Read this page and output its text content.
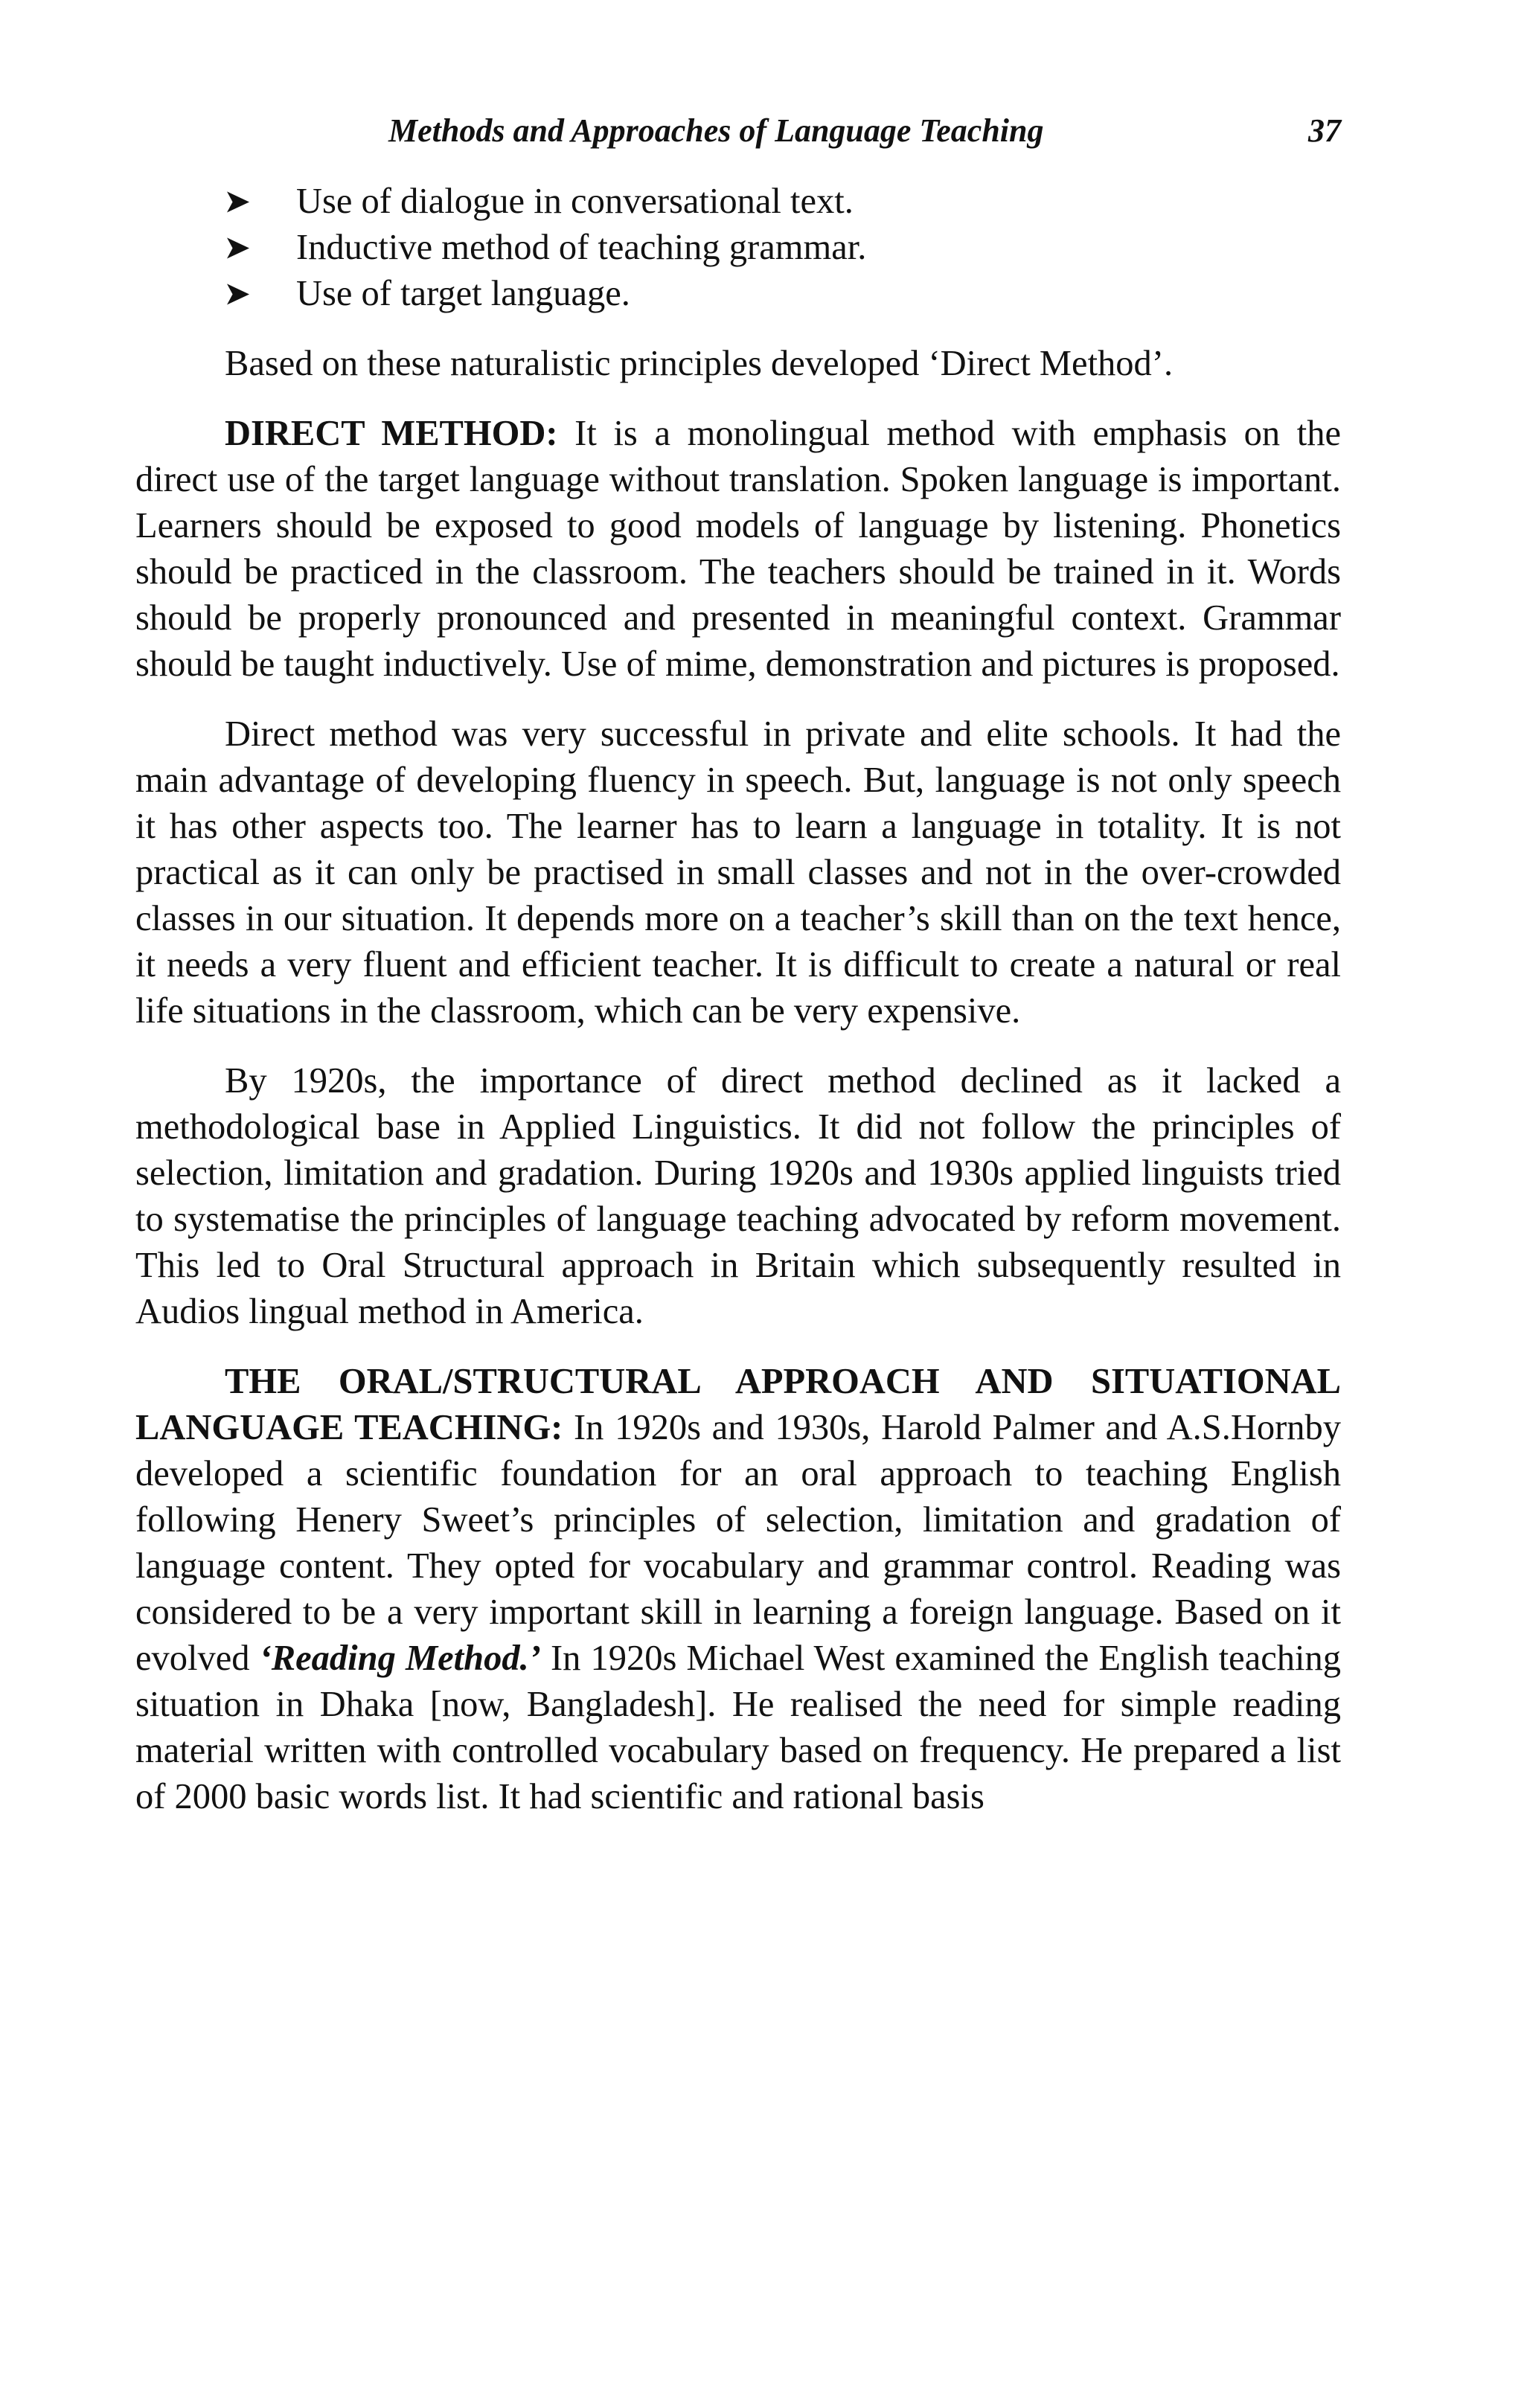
Methods and Approaches of Language Teaching	37
➤ Use of dialogue in conversational text.
➤ Inductive method of teaching grammar.
➤ Use of target language.

Based on these naturalistic principles developed ‘Direct Method’.

DIRECT METHOD: It is a monolingual method with emphasis on the direct use of the target language without translation. Spoken language is important. Learners should be exposed to good models of language by listening. Phonetics should be practiced in the classroom. The teachers should be trained in it. Words should be properly pronounced and presented in meaningful context. Grammar should be taught inductively. Use of mime, demonstration and pictures is proposed.

Direct method was very successful in private and elite schools. It had the main advantage of developing fluency in speech. But, language is not only speech it has other aspects too. The learner has to learn a language in totality. It is not practical as it can only be practised in small classes and not in the over-crowded classes in our situation. It depends more on a teacher’s skill than on the text hence, it needs a very fluent and efficient teacher. It is difficult to create a natural or real life situations in the classroom, which can be very expensive.

By 1920s, the importance of direct method declined as it lacked a methodological base in Applied Linguistics. It did not follow the principles of selection, limitation and gradation. During 1920s and 1930s applied linguists tried to systematise the principles of language teaching advocated by reform movement. This led to Oral Structural approach in Britain which subsequently resulted in Audios lingual method in America.

THE ORAL/STRUCTURAL APPROACH AND SITUATIONAL LANGUAGE TEACHING: In 1920s and 1930s, Harold Palmer and A.S.Hornby developed a scientific foundation for an oral approach to teaching English following Henery Sweet’s principles of selection, limitation and gradation of language content. They opted for vocabulary and grammar control. Reading was considered to be a very important skill in learning a foreign language. Based on it evolved ‘Reading Method.’ In 1920s Michael West examined the English teaching situation in Dhaka [now, Bangladesh]. He realised the need for simple reading material written with controlled vocabulary based on frequency. He prepared a list of 2000 basic words list. It had scientific and rational basis
